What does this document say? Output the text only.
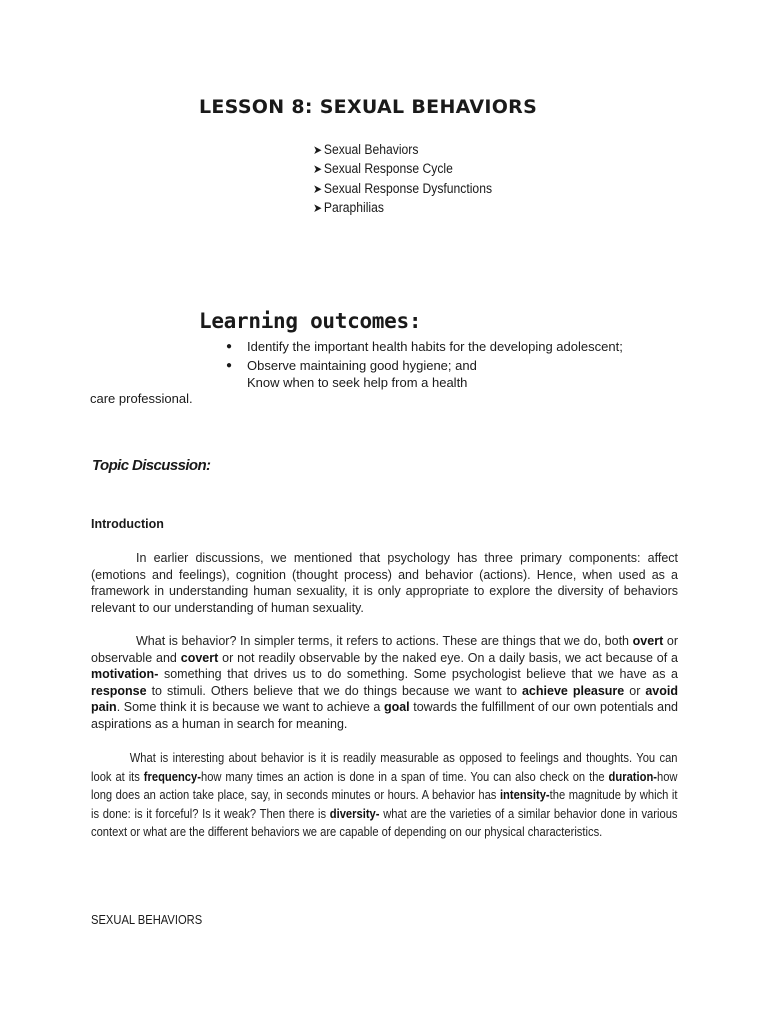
LESSON 8: SEXUAL BEHAVIORS
➤ Sexual Behaviors
➤ Sexual Response Cycle
➤ Sexual Response Dysfunctions
➤ Paraphilias
Learning outcomes:
● Identify the important health habits for the developing adolescent;
● Observe maintaining good hygiene; and
Know when to seek help from a health
care professional.
Topic Discussion:
Introduction

In earlier discussions, we mentioned that psychology has three primary components: affect (emotions and feelings), cognition (thought process) and behavior (actions). Hence, when used as a framework in understanding human sexuality, it is only appropriate to explore the diversity of behaviors relevant to our understanding of human sexuality.

What is behavior? In simpler terms, it refers to actions. These are things that we do, both overt or observable and covert or not readily observable by the naked eye. On a daily basis, we act because of a motivation- something that drives us to do something. Some psychologist believe that we have as a response to stimuli. Others believe that we do things because we want to achieve pleasure or avoid pain. Some think it is because we want to achieve a goal towards the fulfillment of our own potentials and aspirations as a human in search for meaning.

What is interesting about behavior is it is readily measurable as opposed to feelings and thoughts. You can look at its frequency-how many times an action is done in a span of time. You can also check on the duration-how long does an action take place, say, in seconds minutes or hours. A behavior has intensity-the magnitude by which it is done: is it forceful? Is it weak? Then there is diversity- what are the varieties of a similar behavior done in various context or what are the different behaviors we are capable of depending on our physical characteristics.

SEXUAL BEHAVIORS
